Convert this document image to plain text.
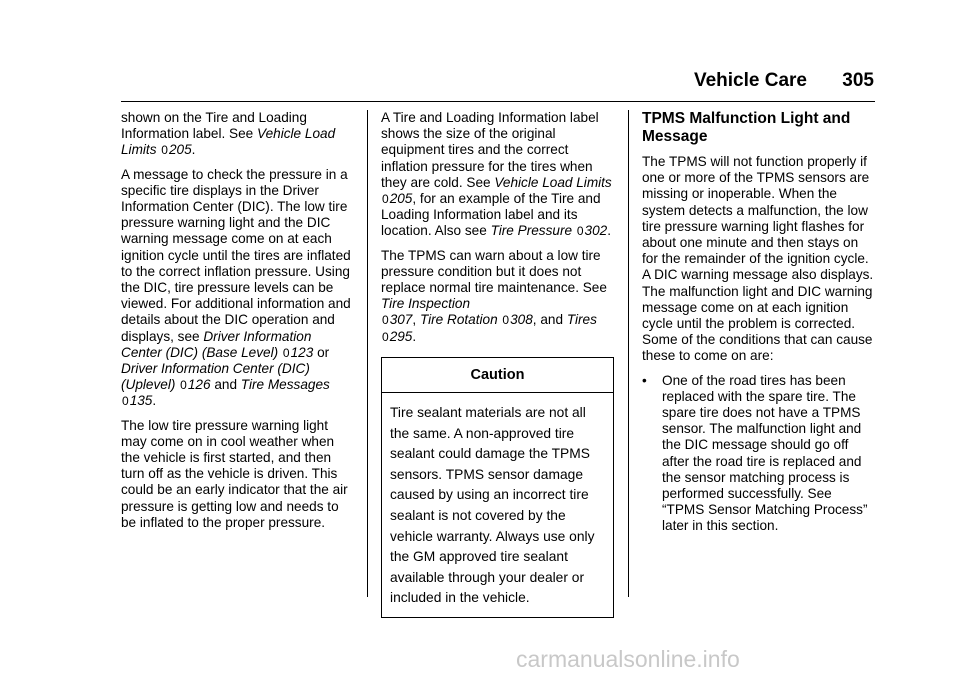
Vehicle Care 305

shown on the Tire and Loading Information label. See Vehicle Load Limits 0205.

A message to check the pressure in a specific tire displays in the Driver Information Center (DIC). The low tire pressure warning light and the DIC warning message come on at each ignition cycle until the tires are inflated to the correct inflation pressure. Using the DIC, tire pressure levels can be viewed. For additional information and details about the DIC operation and displays, see Driver Information Center (DIC) (Base Level) 0123 or Driver Information Center (DIC) (Uplevel) 0126 and Tire Messages 0135.

The low tire pressure warning light may come on in cool weather when the vehicle is first started, and then turn off as the vehicle is driven. This could be an early indicator that the air pressure is getting low and needs to be inflated to the proper pressure.

A Tire and Loading Information label shows the size of the original equipment tires and the correct inflation pressure for the tires when they are cold. See Vehicle Load Limits 0205, for an example of the Tire and Loading Information label and its location. Also see Tire Pressure 0302.

The TPMS can warn about a low tire pressure condition but it does not replace normal tire maintenance. See Tire Inspection
0307, Tire Rotation 0308, and Tires 0295.

Caution
Tire sealant materials are not all the same. A non-approved tire sealant could damage the TPMS sensors. TPMS sensor damage caused by using an incorrect tire sealant is not covered by the vehicle warranty. Always use only the GM approved tire sealant available through your dealer or included in the vehicle.
TPMS Malfunction Light and Message

The TPMS will not function properly if one or more of the TPMS sensors are missing or inoperable. When the system detects a malfunction, the low tire pressure warning light flashes for about one minute and then stays on for the remainder of the ignition cycle. A DIC warning message also displays. The malfunction light and DIC warning message come on at each ignition cycle until the problem is corrected. Some of the conditions that can cause these to come on are:

•	One of the road tires has been replaced with the spare tire. The spare tire does not have a TPMS sensor. The malfunction light and the DIC message should go off after the road tire is replaced and the sensor matching process is performed successfully. See “TPMS Sensor Matching Process” later in this section.
carmanualsonline.info
